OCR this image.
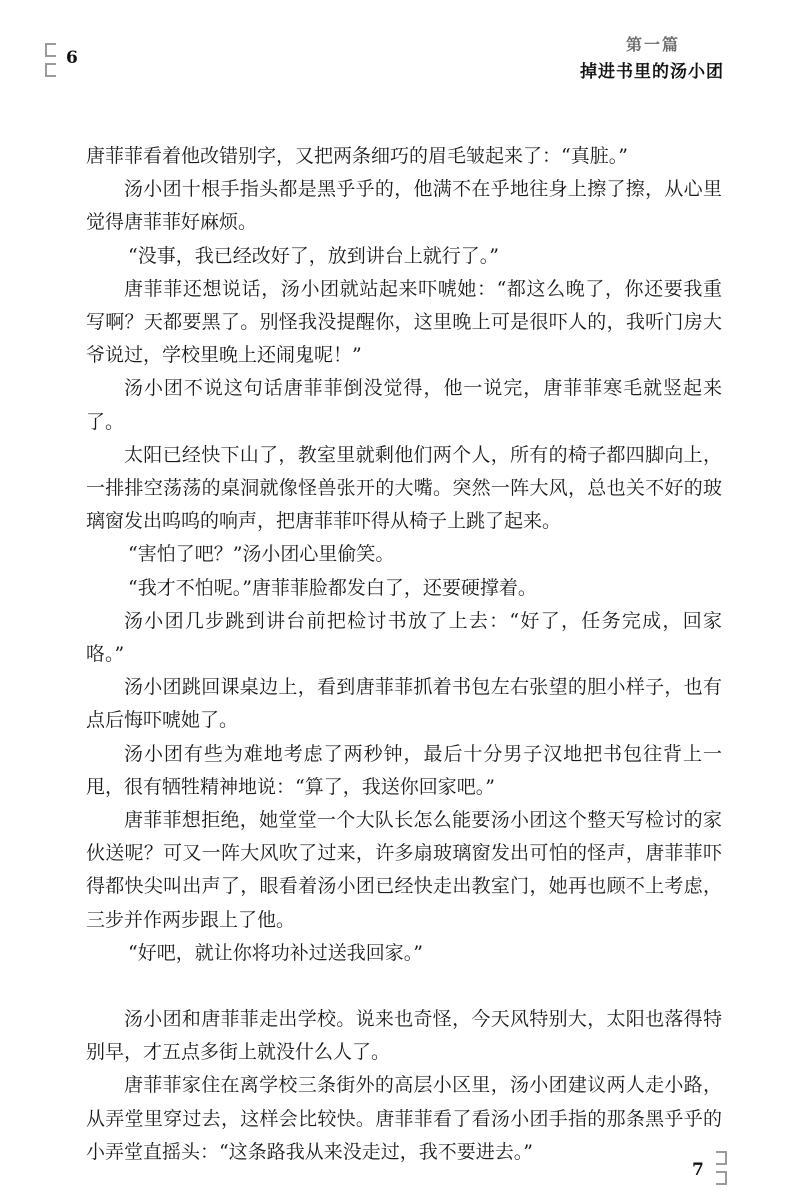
6
第一篇
掉进书里的汤小团

唐菲菲看着他改错别字，又把两条细巧的眉毛皱起来了：“真脏。”

汤小团十根手指头都是黑乎乎的，他满不在乎地往身上擦了擦，从心里觉得唐菲菲好麻烦。

“没事，我已经改好了，放到讲台上就行了。”

唐菲菲还想说话，汤小团就站起来吓唬她：“都这么晚了，你还要我重写啊？天都要黑了。别怪我没提醒你，这里晚上可是很吓人的，我听门房大爷说过，学校里晚上还闹鬼呢！”

汤小团不说这句话唐菲菲倒没觉得，他一说完，唐菲菲寒毛就竖起来了。

太阳已经快下山了，教室里就剩他们两个人，所有的椅子都四脚向上，一排排空荡荡的桌洞就像怪兽张开的大嘴。突然一阵大风，总也关不好的玻璃窗发出呜呜的响声，把唐菲菲吓得从椅子上跳了起来。

“害怕了吧？”汤小团心里偷笑。

“我才不怕呢。”唐菲菲脸都发白了，还要硬撑着。

汤小团几步跳到讲台前把检讨书放了上去：“好了，任务完成，回家咯。”

汤小团跳回课桌边上，看到唐菲菲抓着书包左右张望的胆小样子，也有点后悔吓唬她了。

汤小团有些为难地考虑了两秒钟，最后十分男子汉地把书包往背上一甩，很有牺牲精神地说：“算了，我送你回家吧。”

唐菲菲想拒绝，她堂堂一个大队长怎么能要汤小团这个整天写检讨的家伙送呢？可又一阵大风吹了过来，许多扇玻璃窗发出可怕的怪声，唐菲菲吓得都快尖叫出声了，眼看着汤小团已经快走出教室门，她再也顾不上考虑，三步并作两步跟上了他。

“好吧，就让你将功补过送我回家。”

汤小团和唐菲菲走出学校。说来也奇怪，今天风特别大，太阳也落得特别早，才五点多街上就没什么人了。

唐菲菲家住在离学校三条街外的高层小区里，汤小团建议两人走小路，从弄堂里穿过去，这样会比较快。唐菲菲看了看汤小团手指的那条黑乎乎的小弄堂直摇头：“这条路我从来没走过，我不要进去。”

7
